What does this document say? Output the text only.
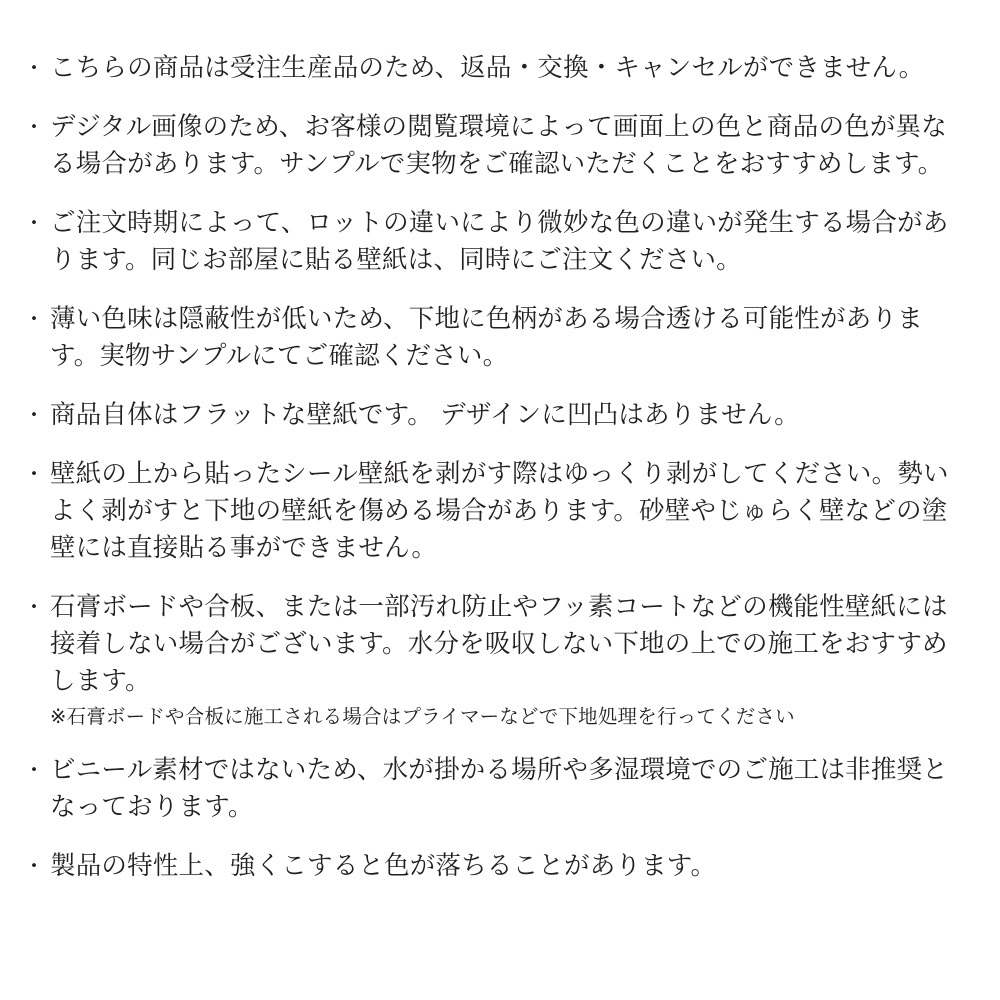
・ こちらの商品は受注生産品のため、返品・交換・キャンセルができません。

・ デジタル画像のため、お客様の閲覧環境によって画面上の色と商品の色が異なる場合があります。サンプルで実物をご確認いただくことをおすすめします。

・ ご注文時期によって、ロットの違いにより微妙な色の違いが発生する場合があります。同じお部屋に貼る壁紙は、同時にご注文ください。

・ 薄い色味は隠蔽性が低いため、下地に色柄がある場合透ける可能性があります。実物サンプルにてご確認ください。

・ 商品自体はフラットな壁紙です。 デザインに凹凸はありません。

・ 壁紙の上から貼ったシール壁紙を剥がす際はゆっくり剥がしてください。勢いよく剥がすと下地の壁紙を傷める場合があります。砂壁やじゅらく壁などの塗壁には直接貼る事ができません。

・ 石膏ボードや合板、または一部汚れ防止やフッ素コートなどの機能性壁紙には接着しない場合がございます。水分を吸収しない下地の上での施工をおすすめします。

※石膏ボードや合板に施工される場合はプライマーなどで下地処理を行ってください

・ ビニール素材ではないため、水が掛かる場所や多湿環境でのご施工は非推奨となっております。

・ 製品の特性上、強くこすると色が落ちることがあります。
